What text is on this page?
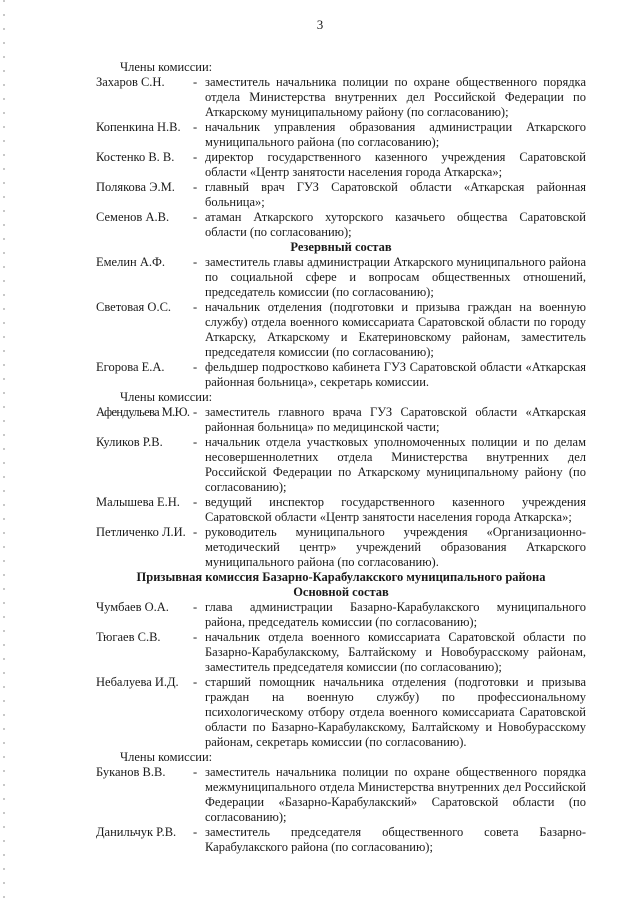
3
Члены комиссии:
Захаров С.Н.	- заместитель начальника полиции по охране общественного порядка отдела Министерства внутренних дел Российской Федерации по Аткарскому муниципальному району (по согласованию);
Копенкина Н.В. - начальник управления образования администрации Аткарского муниципального района (по согласованию);
Костенко В. В.	- директор государственного казенного учреждения Саратовской области «Центр занятости населения города Аткарска»;
Полякова Э.М.	- главный врач ГУЗ Саратовской области «Аткарская районная больница»;
Семенов А.В.	- атаман Аткарского хуторского казачьего общества Саратовской области (по согласованию);
Резервный состав
Емелин А.Ф.	- заместитель главы администрации Аткарского муниципального района по социальной сфере и вопросам общественных отношений, председатель комиссии (по согласованию);
Световая О.С.	- начальник отделения (подготовки и призыва граждан на военную службу) отдела военного комиссариата Саратовской области по городу Аткарску, Аткарскому и Екатериновскому районам, заместитель председателя комиссии (по согласованию);
Егорова Е.А.	- фельдшер подростково кабинета ГУЗ Саратовской области «Аткарская районная больница», секретарь комиссии.
Члены комиссии:
Афендульева М.Ю. - заместитель главного врача ГУЗ Саратовской области «Аткарская районная больница» по медицинской части;
Куликов Р.В.	- начальник отдела участковых уполномоченных полиции и по делам несовершеннолетних отдела Министерства внутренних дел Российской Федерации по Аткарскому муниципальному району (по согласованию);
Малышева Е.Н.	- ведущий инспектор государственного казенного учреждения Саратовской области «Центр занятости населения города Аткарска»;
Петличенко Л.И. - руководитель муниципального учреждения «Организационно-методический центр» учреждений образования Аткарского муниципального района (по согласованию).
Призывная комиссия Базарно-Карабулакского муниципального района
Основной состав
Чумбаев О.А.	- глава администрации Базарно-Карабулакского муниципального района, председатель комиссии (по согласованию);
Тюгаев С.В.	- начальник отдела военного комиссариата Саратовской области по Базарно-Карабулакскому, Балтайскому и Новобурасскому районам, заместитель председателя комиссии (по согласованию);
Небалуева И.Д.	- старший помощник начальника отделения (подготовки и призыва граждан на военную службу) по профессиональному психологическому отбору отдела военного комиссариата Саратовской области по Базарно-Карабулакскому, Балтайскому и Новобурасскому районам, секретарь комиссии (по согласованию).
Члены комиссии:
Буканов В.В.	- заместитель начальника полиции по охране общественного порядка межмуниципального отдела Министерства внутренних дел Российской Федерации «Базарно-Карабулакский» Саратовской области (по согласованию);
Данильчук Р.В.	- заместитель председателя общественного совета Базарно-Карабулакского района (по согласованию);
